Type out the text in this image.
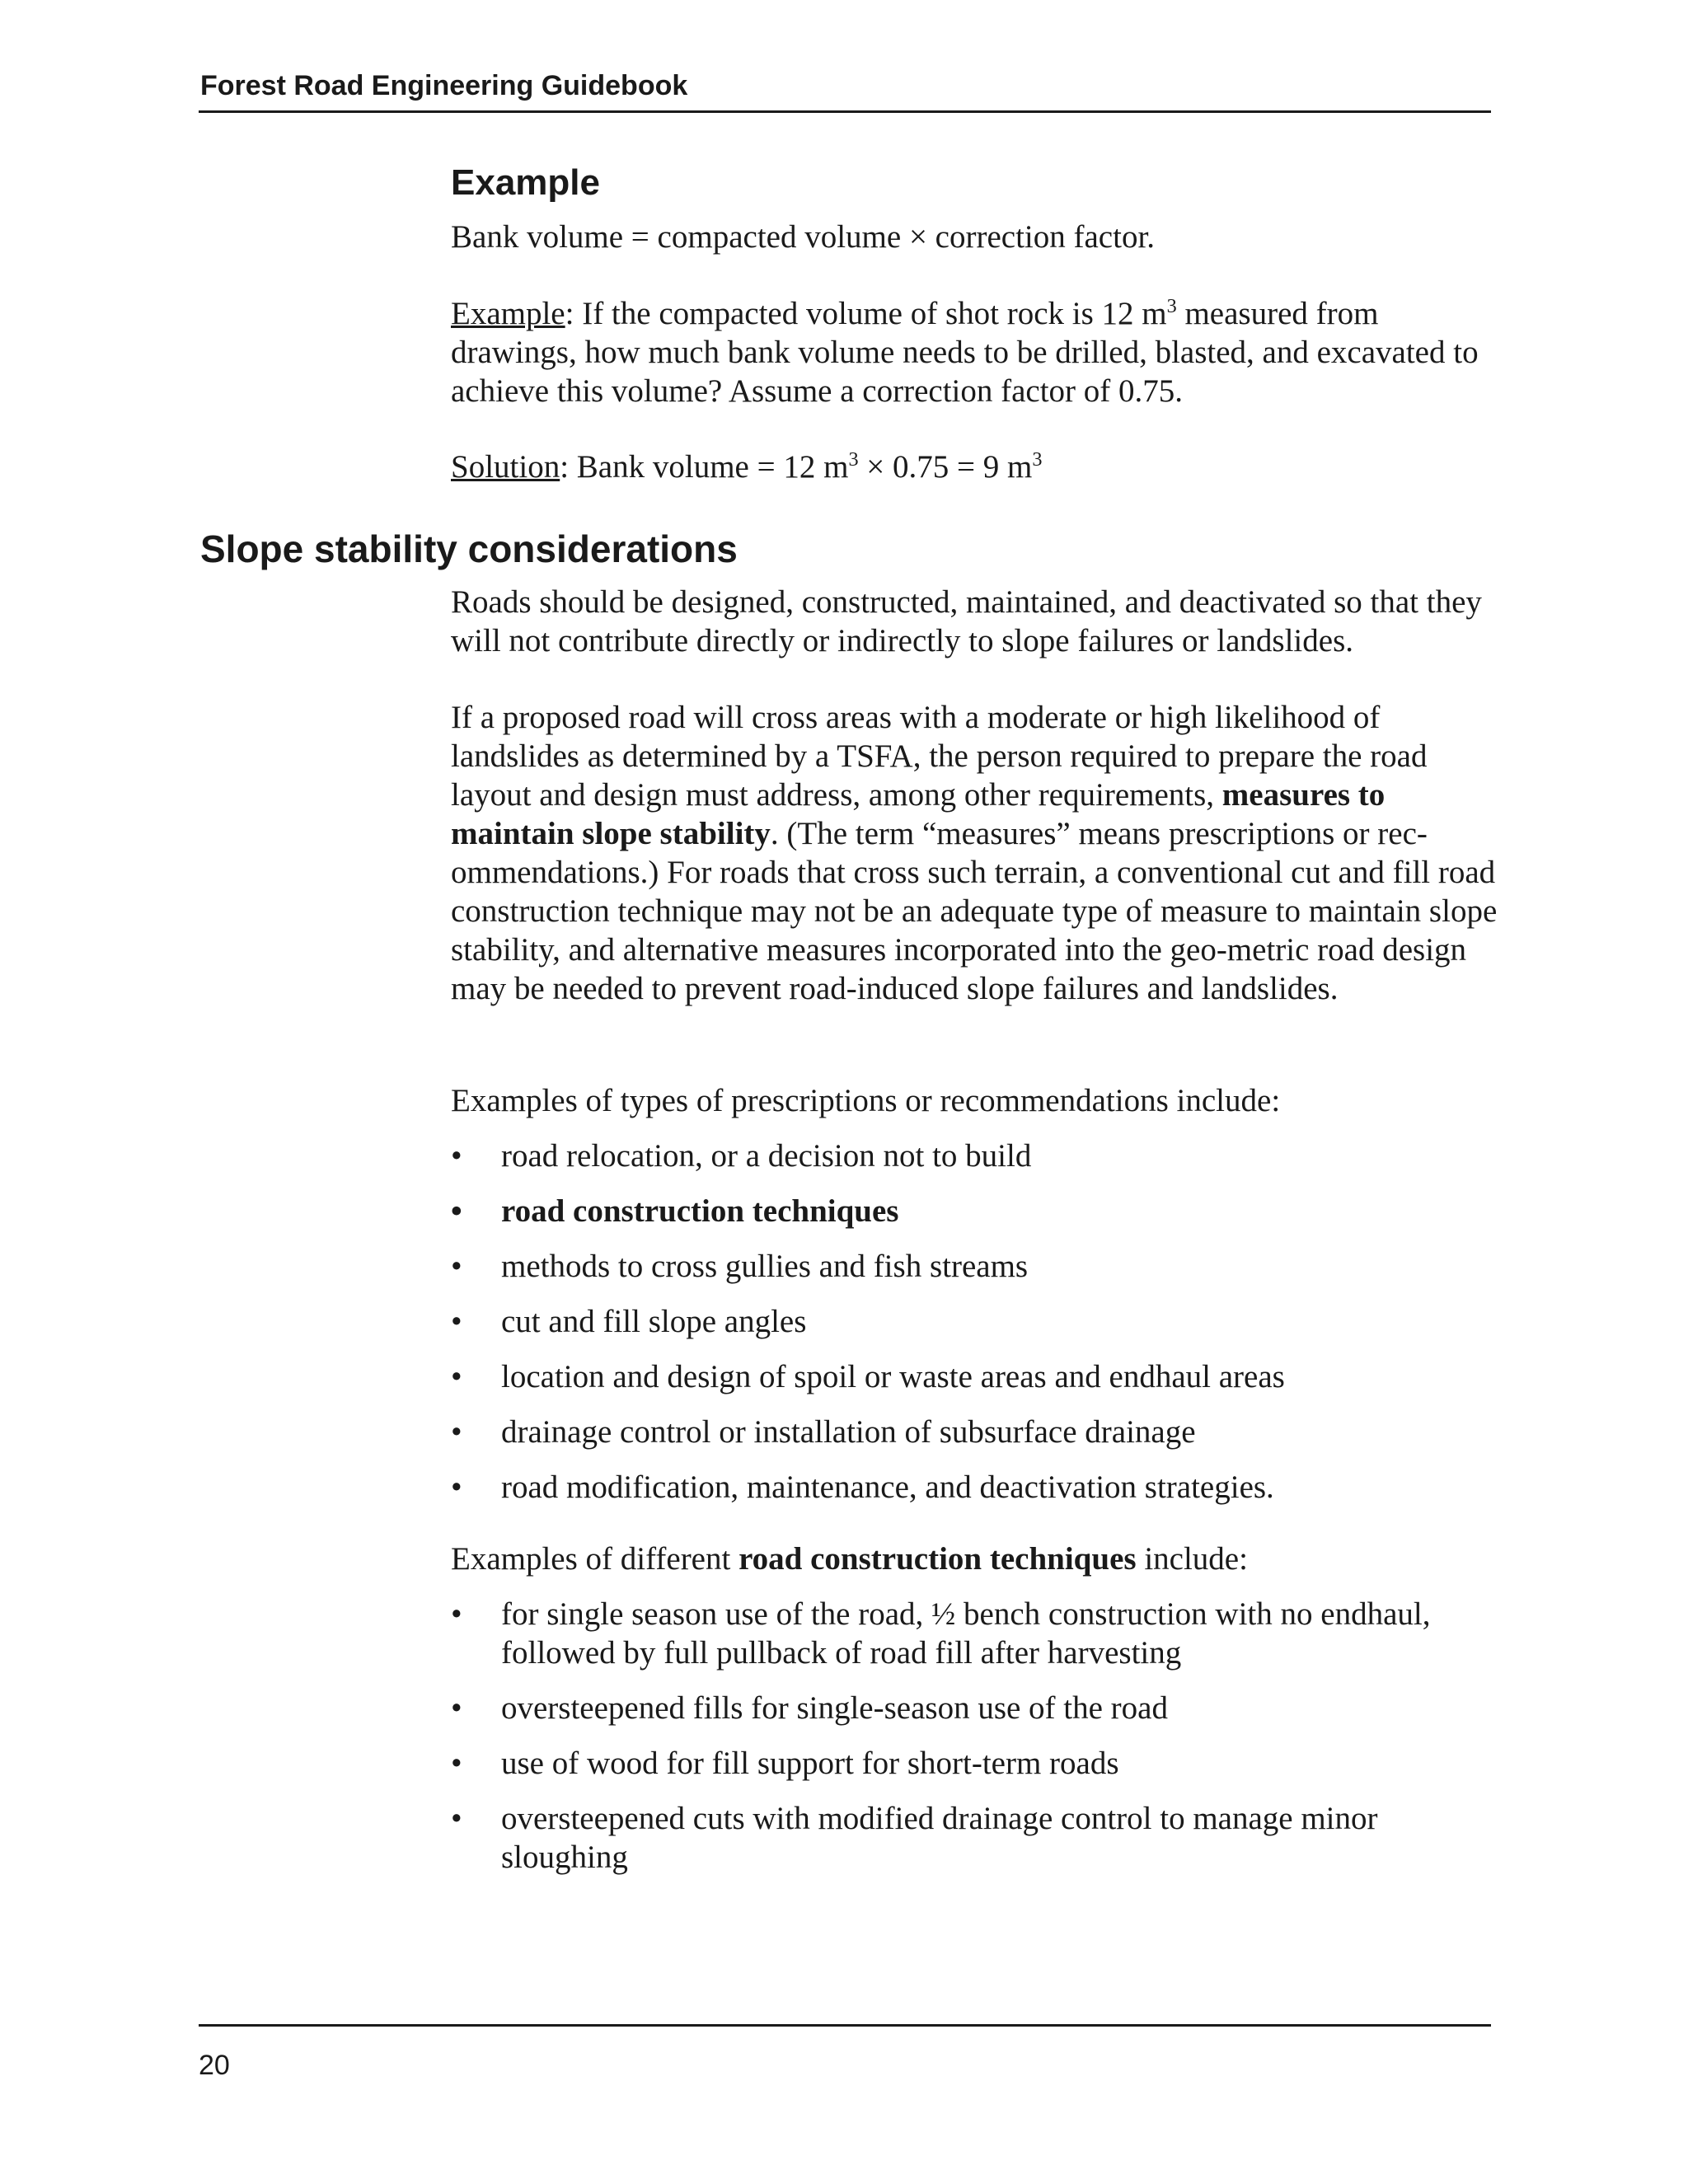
Forest Road Engineering Guidebook
Example

Bank volume = compacted volume × correction factor.

Example: If the compacted volume of shot rock is 12 $m^3$ measured from drawings, how much bank volume needs to be drilled, blasted, and excavated to achieve this volume? Assume a correction factor of 0.75.

Solution: Bank volume = 12 $m^3 \times 0.75 = 9$ $m^3$

Slope stability considerations

Roads should be designed, constructed, maintained, and deactivated so that they will not contribute directly or indirectly to slope failures or landslides.

If a proposed road will cross areas with a moderate or high likelihood of landslides as determined by a TSFA, the person required to prepare the road layout and design must address, among other requirements, measures to maintain slope stability. (The term “measures” means prescriptions or rec-ommendations.) For roads that cross such terrain, a conventional cut and fill road construction technique may not be an adequate type of measure to maintain slope stability, and alternative measures incorporated into the geo-metric road design may be needed to prevent road-induced slope failures and landslides.

Examples of types of prescriptions or recommendations include:

• road relocation, or a decision not to build
• road construction techniques
• methods to cross gullies and fish streams
• cut and fill slope angles
• location and design of spoil or waste areas and endhaul areas
• drainage control or installation of subsurface drainage
• road modification, maintenance, and deactivation strategies.

Examples of different road construction techniques include:

• for single season use of the road, ½ bench construction with no endhaul, followed by full pullback of road fill after harvesting
• oversteepened fills for single-season use of the road
• use of wood for fill support for short-term roads
• oversteepened cuts with modified drainage control to manage minor sloughing
20
